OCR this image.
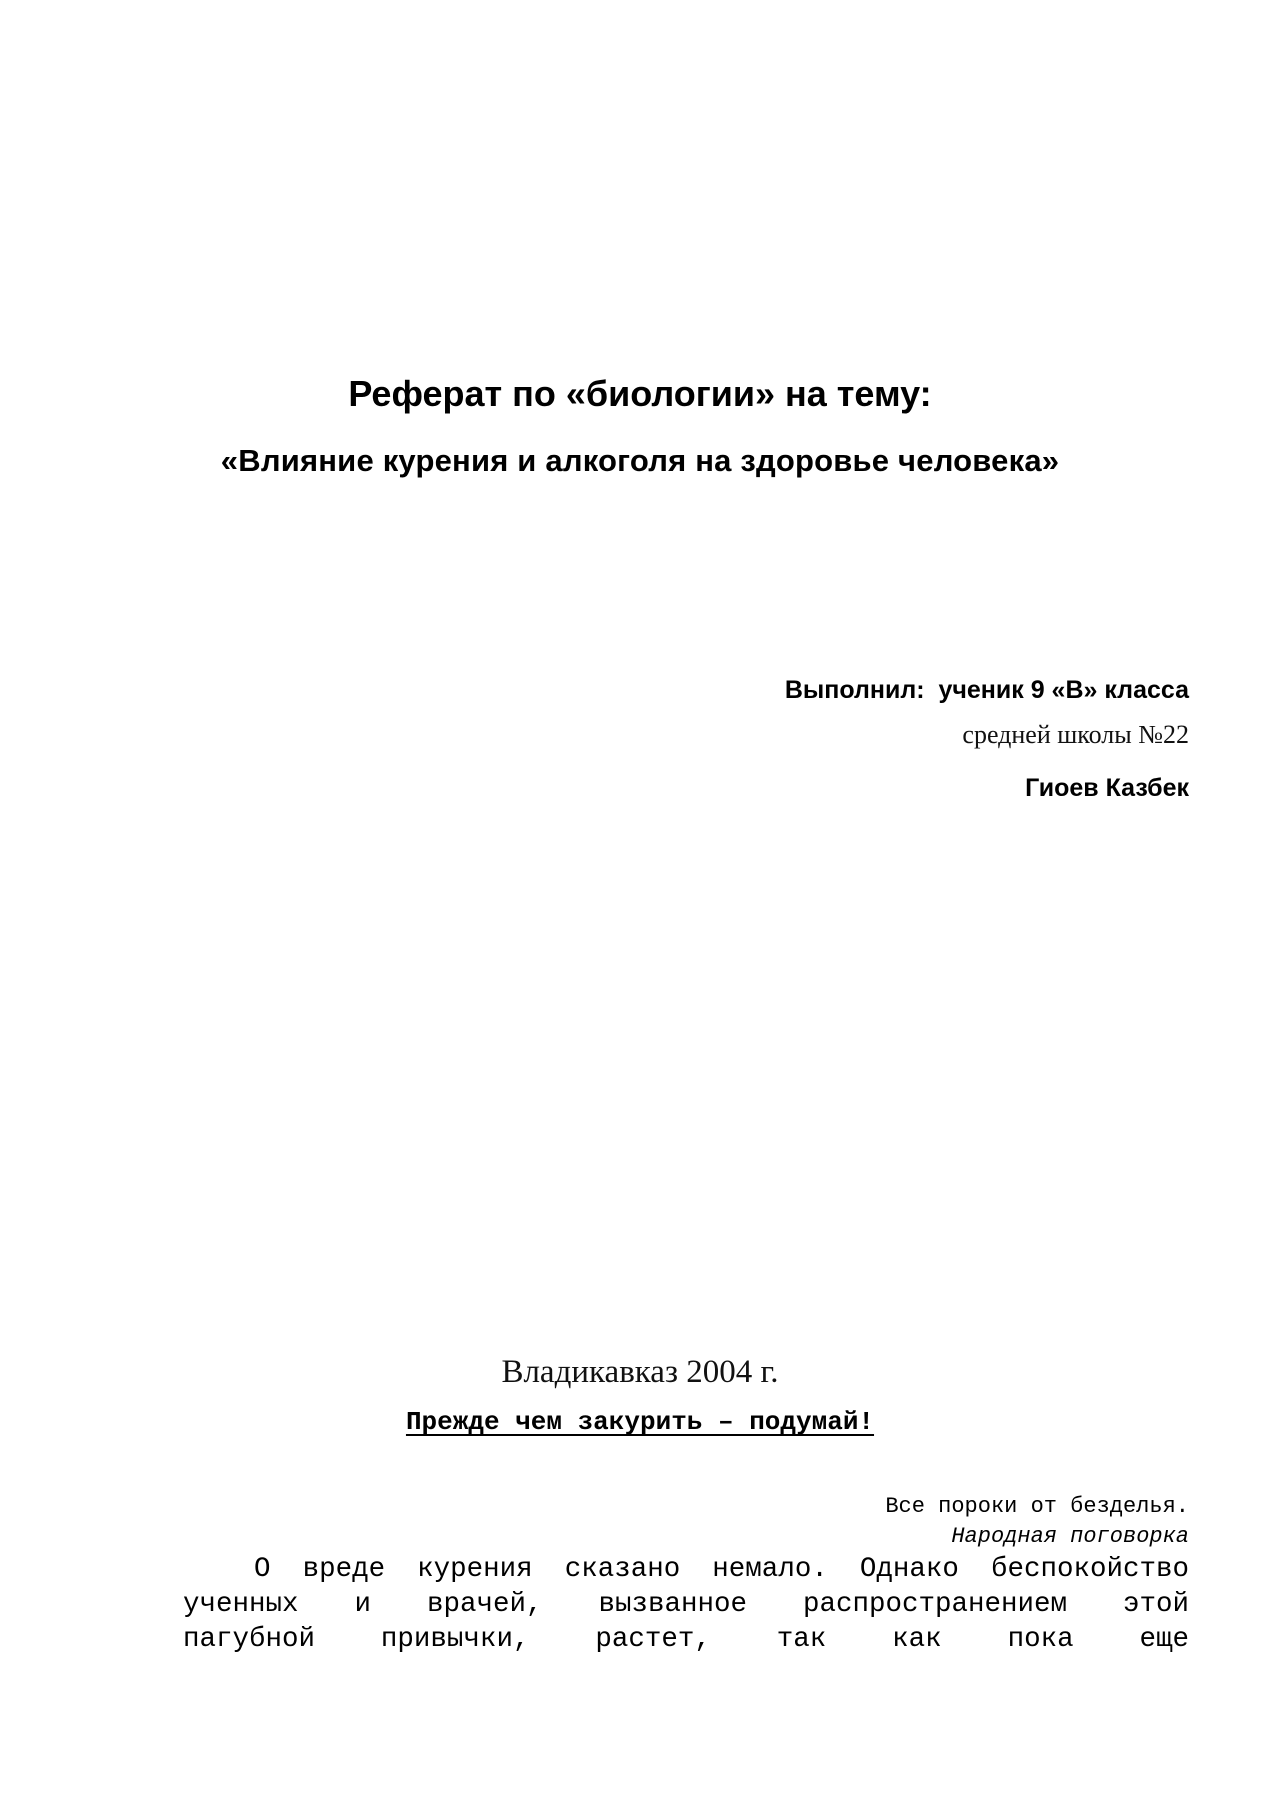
Реферат по «биологии» на тему:
«Влияние курения и алкоголя на здоровье человека»
Выполнил:  ученик 9 «В» класса
средней школы №22
Гиоев Казбек
Владикавказ 2004 г.
Прежде чем закурить – подумай!
Все пороки от безделья.
Народная поговорка
О вреде курения сказано немало. Однако беспокойство
ученных и врачей, вызванное распространением этой
пагубной привычки, растет, так как пока еще
